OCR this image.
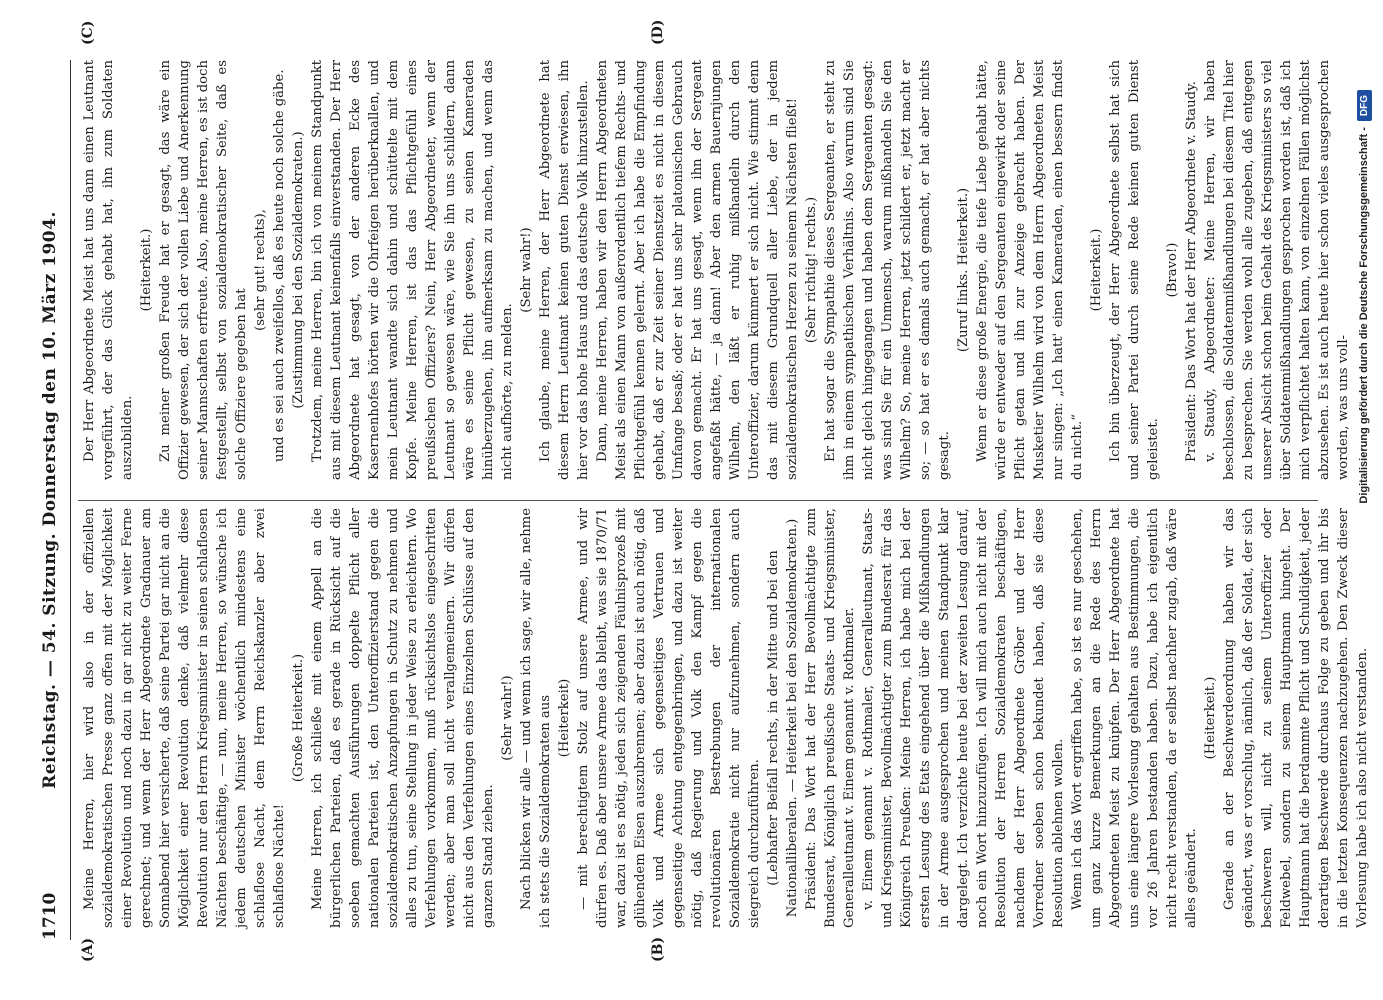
1710
Reichstag. — 54. Sitzung. Donnerstag den 10. März 1904.
(A)	(B)
(C)	(D)

Meine Herren, hier wird also in der offiziellen sozialdemokratischen Presse ganz offen mit der Möglichkeit einer Revolution und noch dazu in gar nicht zu weiter Ferne gerechnet; und wenn der Herr Abgeordnete Gradnauer am Sonnabend hier versicherte, daß seine Partei gar nicht an die Möglichkeit einer Revolution denke, daß vielmehr diese Revolution nur den Herrn Kriegsminister in seinen schlaflosen Nächten beschäftige, — nun, meine Herren, so wünsche ich jedem deutschen Minister wöchentlich mindestens eine schlaflose Nacht, dem Herrn Reichskanzler aber zwei schlaflose Nächte!

(Große Heiterkeit.) Meine Herren, ich schließe mit einem Appell an die bürgerlichen Parteien, daß es gerade in Rücksicht auf die soeben gemachten Ausführungen doppelte Pflicht aller nationalen Parteien ist, den Unteroffizierstand gegen die sozialdemokratischen Anzapfungen in Schutz zu nehmen und alles zu tun, seine Stellung in jeder Weise zu erleichtern. Wo Verfehlungen vorkommen, muß rücksichtslos eingeschritten werden; aber man soll nicht verallgemeinern. Wir dürfen nicht aus den Verfehlungen eines Einzelnen Schlüsse auf den ganzen Stand ziehen.

(Sehr wahr!) Nach blicken wir alle — und wenn ich sage, wir alle, nehme ich stets die Sozialdemokraten aus (Heiterkeit) — mit berechtigtem Stolz auf unsere Armee, und wir dürfen es. Daß aber unsere Armee das bleibt, was sie 1870/71 war, dazu ist es nötig, jeden sich zeigenden Fäulnisprozeß mit glühendem Eisen auszubrennen; aber dazu ist auch nötig, daß Volk und Armee sich gegenseitiges Vertrauen und gegenseitige Achtung entgegenbringen, und dazu ist weiter nötig, daß Regierung und Volk den Kampf gegen die revolutionären Bestrebungen der internationalen Sozialdemokratie nicht nur aufzunehmen, sondern auch siegreich durchzuführen. (Lebhafter Beifall rechts, in der Mitte und bei den Nationalliberalen. — Heiterkeit bei den Sozialdemokraten.) Präsident: Das Wort hat der Herr Bevollmächtigte zum Bundesrat, Königlich preußische Staats- und Kriegsminister, Generalleutnant v. Einem genannt v. Rothmaler. v. Einem genannt v. Rothmaler, Generalleutnant, Staats- und Kriegsminister, Bevollmächtigter zum Bundesrat für das Königreich Preußen: Meine Herren, ich habe mich bei der ersten Lesung des Etats eingehend über die Mißhandlungen in der Armee ausgesprochen und meinen Standpunkt klar dargelegt. Ich verzichte heute bei der zweiten Lesung darauf, noch ein Wort hinzuzufügen. Ich will mich auch nicht mit der Resolution der Herren Sozialdemokraten beschäftigen, nachdem der Herr Abgeordnete Gröber und der Herr Vorredner soeben schon bekundet haben, daß sie diese Resolution ablehnen wollen. Wenn ich das Wort ergriffen habe, so ist es nur geschehen, um ganz kurze Bemerkungen an die Rede des Herrn Abgeordneten Meist zu knüpfen. Der Herr Abgeordnete hat uns eine längere Vorlesung gehalten aus Bestimmungen, die vor 26 Jahren bestanden haben. Dazu, habe ich eigentlich nicht recht verstanden, da er selbst nachher zugab, daß wäre alles geändert.

(Heiterkeit.) Gerade an der Beschwerdeordnung haben wir das geändert, was er vorschlug, nämlich, daß der Soldat, der sich beschweren will, nicht zu seinem Unteroffizier oder Feldwebel, sondern zu seinem Hauptmann hingeht. Der Hauptmann hat die berdammte Pflicht und Schuldigkeit, jeder derartigen Beschwerde durchaus Folge zu geben und ihr bis in die letzten Konsequenzen nachzugehen. Den Zweck dieser Vorlesung habe ich also nicht verstanden.

Der Herr Abgeordnete Meist hat uns dann einen Leutnant vorgeführt, der das Glück gehabt hat, ihn zum Soldaten auszubilden.

(Heiterkeit.) Zu meiner großen Freude hat er gesagt, das wäre ein Offizier gewesen, der sich der vollen Liebe und Anerkennung seiner Mannschaften erfreute. Also, meine Herren, es ist doch festgestellt, selbst von sozialdemokratischer Seite, daß es solche Offiziere gegeben hat

(sehr gut! rechts), und es sei auch zweifellos, daß es heute noch solche gäbe. (Zustimmung bei den Sozialdemokraten.) Trotzdem, meine Herren, bin ich von meinem Standpunkt aus mit diesem Leutnant keinenfalls einverstanden. Der Herr Abgeordnete hat gesagt, von der anderen Ecke des Kasernenhofes hörten wir die Ohrfeigen herüberknallen, und mein Leutnant wandte sich dahin und schüttelte mit dem Kopfe. Meine Herren, ist das das Pflichtgefühl eines preußischen Offiziers? Nein, Herr Abgeordneter, wenn der Leutnant so gewesen wäre, wie Sie ihn uns schildern, dann wäre es seine Pflicht gewesen, zu seinen Kameraden hinüberzugehen, ihn aufmerksam zu machen, und wenn das nicht aufhörte, zu melden.

(Sehr wahr!) Ich glaube, meine Herren, der Herr Abgeordnete hat diesem Herrn Leutnant keinen guten Dienst erwiesen, ihn hier vor das hohe Haus und das deutsche Volk hinzustellen. Dann, meine Herren, haben wir den Herrn Abgeordneten Meist als einen Mann von außerordentlich tiefem Rechts- und Pflichtgefühl kennen gelernt. Aber ich habe die Empfindung gehabt, daß er zur Zeit seiner Dienstzeit es nicht in diesem Umfange besaß; oder er hat uns sehr platonischen Gebrauch davon gemacht. Er hat uns gesagt, wenn ihn der Sergeant angefaßt hätte, — ja dann! Aber den armen Bauernjungen Wilhelm, den läßt er ruhig mißhandeln durch den Unteroffizier, darum kümmert er sich nicht. Wie stimmt denn das mit diesem Grundquell aller Liebe, der in jedem sozialdemokratischen Herzen zu seinem Nächsten fließt! (Sehr richtig! rechts.) Er hat sogar die Sympathie dieses Sergeanten, er steht zu ihm in einem sympathischen Verhältnis. Also warum sind Sie nicht gleich hingegangen und haben dem Sergeanten gesagt: was sind Sie für ein Unmensch, warum mißhandeln Sie den Wilhelm? So, meine Herren, jetzt schildert er, jetzt macht er so; — so hat er es damals auch gemacht, er hat aber nichts gesagt.

(Zuruf links. Heiterkeit.) Wenn er diese große Energie, die tiefe Liebe gehabt hätte, würde er entweder auf den Sergeanten eingewirkt oder seine Pflicht getan und ihn zur Anzeige gebracht haben. Der Musketier Wilhelm wird von dem Herrn Abgeordneten Meist nur singen: „Ich hatt' einen Kameraden, einen bessern findst du nicht.“

(Heiterkeit.) Ich bin überzeugt, der Herr Abgeordnete selbst hat sich und seiner Partei durch seine Rede keinen guten Dienst geleistet.

(Bravo!) Präsident: Das Wort hat der Herr Abgeordnete v. Staudy. v. Staudy, Abgeordneter: Meine Herren, wir haben beschlossen, die Soldatenmißhandlungen bei diesem Titel hier zu besprechen. Sie werden wohl alle zugeben, daß entgegen unserer Absicht schon beim Gehalt des Kriegsministers so viel über Soldatenmißhandlungen gesprochen worden ist, daß ich mich verpflichtet halten kann, von einzelnen Fällen möglichst abzusehen. Es ist auch heute hier schon vieles ausgesprochen worden, was uns voll- Digitalisierung gefördert durch die Deutsche Forschungsgemeinschaft -
DFG
